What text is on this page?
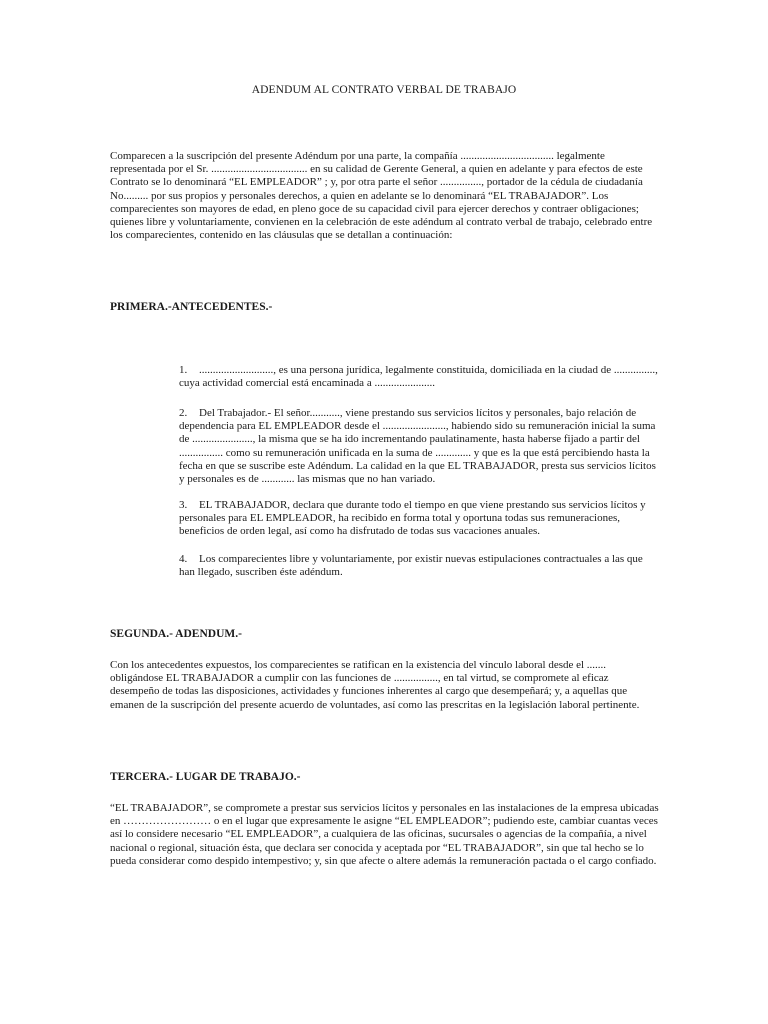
ADENDUM AL CONTRATO VERBAL DE TRABAJO
Comparecen a la suscripción del presente Adéndum por una parte, la compañía .................................. legalmente representada por el Sr. ................................... en su calidad de Gerente General, a quien en adelante y para efectos de este Contrato se lo denominará “EL EMPLEADOR” ; y, por otra parte el señor ..............., portador de la cédula de ciudadanía No......... por sus propios y personales derechos, a quien en adelante se lo denominará “EL TRABAJADOR”. Los comparecientes son mayores de edad, en pleno goce de su capacidad civil para ejercer derechos y contraer obligaciones; quienes libre y voluntariamente, convienen en la celebración de este adéndum al contrato verbal de trabajo, celebrado entre los comparecientes, contenido en las cláusulas que se detallan a continuación:
PRIMERA.-ANTECEDENTES.-
1. ..........................., es una persona jurídica, legalmente constituida, domiciliada en la ciudad de ..............., cuya actividad comercial está encaminada a ......................
2. Del Trabajador.- El señor..........., viene prestando sus servicios lícitos y personales, bajo relación de dependencia para EL EMPLEADOR desde el ......................., habiendo sido su remuneración inicial la suma de ......................, la misma que se ha ido incrementando paulatinamente, hasta haberse fijado a partir del ................ como su remuneración unificada en la suma de ............. y que es la que está percibiendo hasta la fecha en que se suscribe este Adéndum. La calidad en la que EL TRABAJADOR, presta sus servicios lícitos y personales es de ............ las mismas que no han variado.
3. EL TRABAJADOR, declara que durante todo el tiempo en que viene prestando sus servicios lícitos y personales para EL EMPLEADOR, ha recibido en forma total y oportuna todas sus remuneraciones, beneficios de orden legal, así como ha disfrutado de todas sus vacaciones anuales.
4. Los comparecientes libre y voluntariamente, por existir nuevas estipulaciones contractuales a las que han llegado, suscriben éste adéndum.
SEGUNDA.- ADENDUM.-
Con los antecedentes expuestos, los comparecientes se ratifican en la existencia del vínculo laboral desde el ....... obligándose EL TRABAJADOR a cumplir con las funciones de ................, en tal virtud, se compromete al eficaz desempeño de todas las disposiciones, actividades y funciones inherentes al cargo que desempeñará; y, a aquellas que emanen de la suscripción del presente acuerdo de voluntades, así como las prescritas en la legislación laboral pertinente.
TERCERA.- LUGAR DE TRABAJO.-
“EL TRABAJADOR”, se compromete a prestar sus servicios lícitos y personales en las instalaciones de la empresa ubicadas en …………………… o en el lugar que expresamente le asigne “EL EMPLEADOR”; pudiendo este, cambiar cuantas veces así lo considere necesario “EL EMPLEADOR”, a cualquiera de las oficinas, sucursales o agencias de la compañía, a nivel nacional o regional, situación ésta, que declara ser conocida y aceptada por “EL TRABAJADOR”, sin que tal hecho se lo pueda considerar como despido intempestivo; y, sin que afecte o altere además la remuneración pactada o el cargo confiado.
